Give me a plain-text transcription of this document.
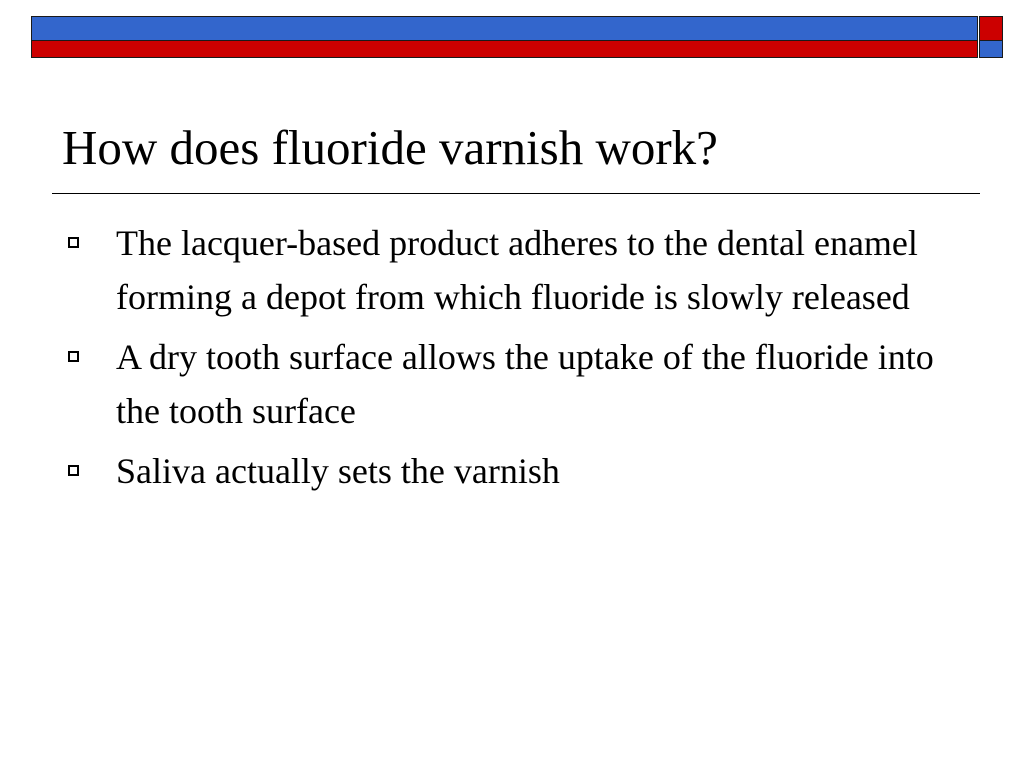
How does fluoride varnish work?
The lacquer-based product adheres to the dental enamel forming a depot from which fluoride is slowly released
A dry tooth surface allows the uptake of the fluoride into the tooth surface
Saliva actually sets the varnish
